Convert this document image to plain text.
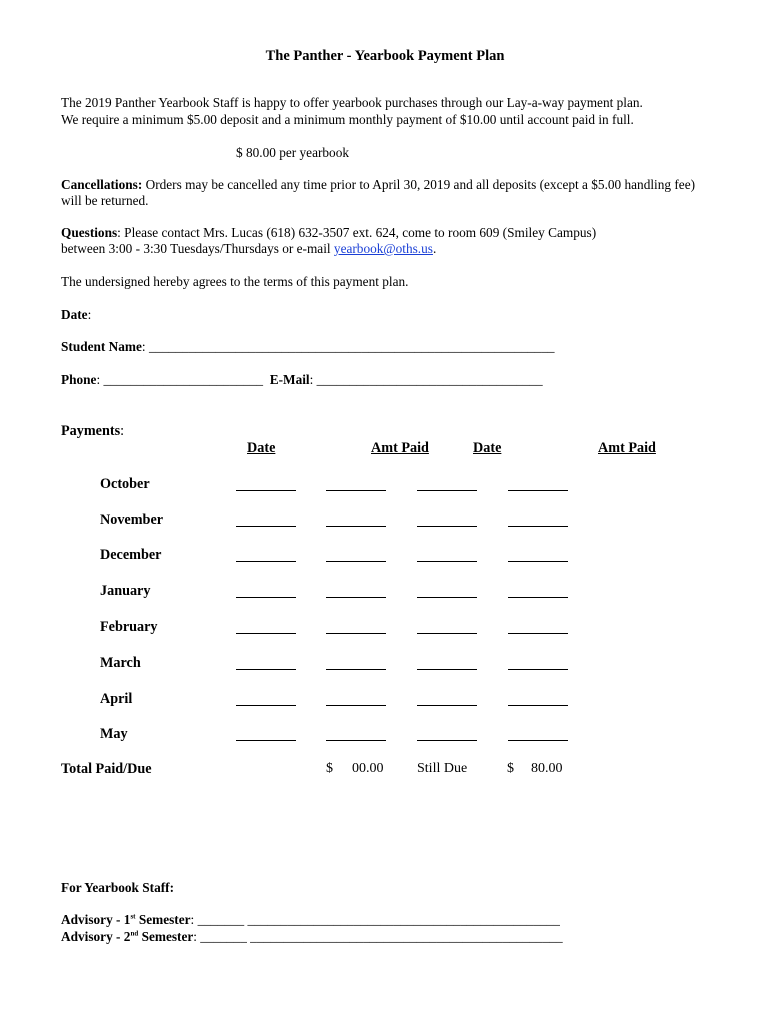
The Panther - Yearbook Payment Plan
The 2019 Panther Yearbook Staff is happy to offer yearbook purchases through our Lay-a-way payment plan.
We require a minimum $5.00 deposit and a minimum monthly payment of $10.00 until account paid in full.
$ 80.00 per yearbook
Cancellations: Orders may be cancelled any time prior to April 30, 2019 and all deposits (except a $5.00 handling fee)
will be returned.
Questions: Please contact Mrs. Lucas (618) 632-3507 ext. 624, come to room 609 (Smiley Campus)
between 3:00 - 3:30 Tuesdays/Thursdays or e-mail yearbook@oths.us.
The undersigned hereby agrees to the terms of this payment plan.
Date:
Student Name: _____________________________________________________________
Phone: ________________________ E-Mail: __________________________________
Payments:
Date	Amt Paid	Date	Amt Paid
October
November
December
January
February
March
April
May
Total Paid/Due	$ 00.00 Still Due	$ 80.00
For Yearbook Staff:
Advisory - 1st Semester: _______ _______________________________________________
Advisory - 2nd Semester: _______ _______________________________________________
